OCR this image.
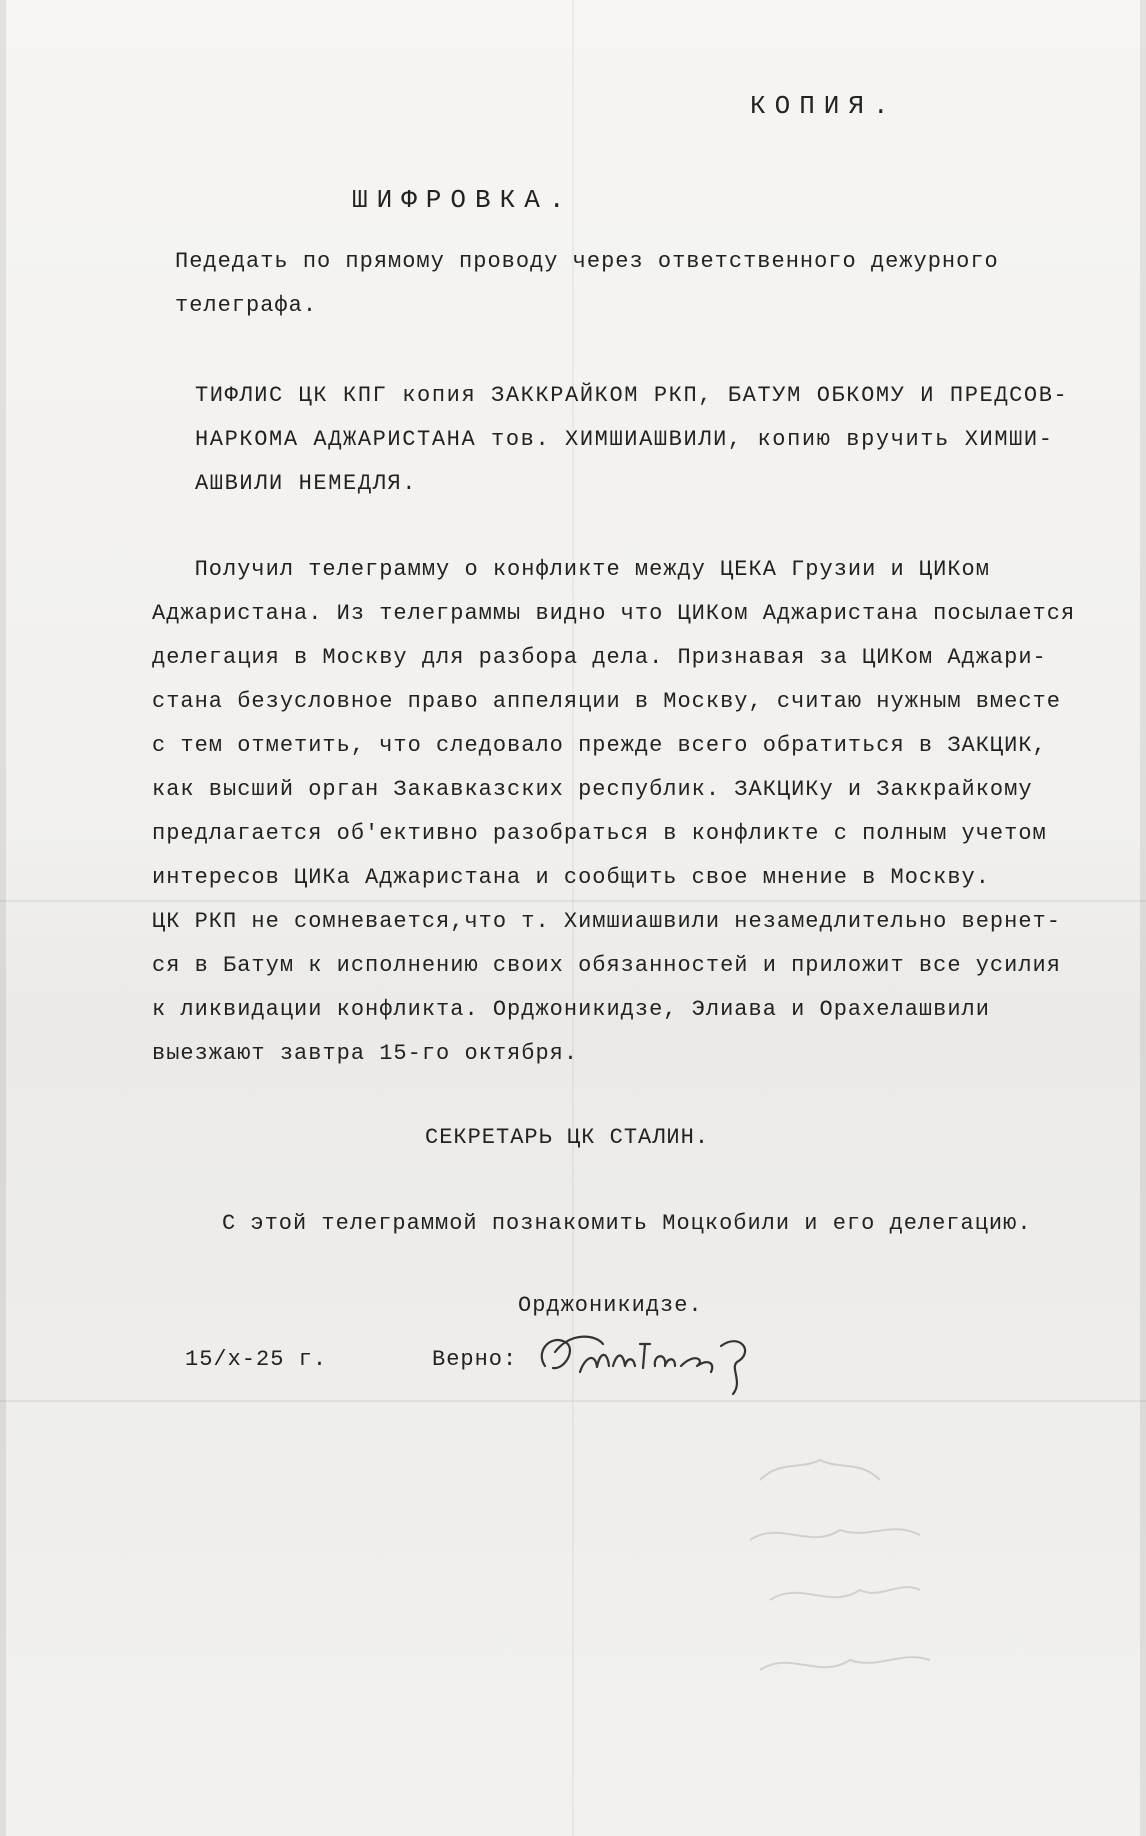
КОПИЯ.
ШИФРОВКА.
Педедать по прямому проводу через ответственного дежурного
телеграфа.
ТИФЛИС ЦК КПГ копия ЗАККРАЙКОМ РКП, БАТУМ ОБКОМУ И ПРЕДСОВ-
НАРКОМА АДЖАРИСТАНА тов. ХИМШИАШВИЛИ, копию вручить ХИМШИ-
АШВИЛИ НЕМЕДЛЯ.
Получил телеграмму о конфликте между ЦЕКА Грузии и ЦИКом
Аджаристана. Из телеграммы видно что ЦИКом Аджаристана посылается
делегация в Москву для разбора дела. Признавая за ЦИКом Аджари-
стана безусловное право аппеляции в Москву, считаю нужным вместе
с тем отметить, что следовало прежде всего обратиться в ЗАКЦИК,
как высший орган Закавказских республик. ЗАКЦИКу и Заккрайкому
предлагается об'ективно разобраться в конфликте с полным учетом
интересов ЦИКа Аджаристана и сообщить свое мнение в Москву.
ЦК РКП не сомневается,что т. Химшиашвили незамедлительно вернет-
ся в Батум к исполнению своих обязанностей и приложит все усилия
к ликвидации конфликта. Орджоникидзе, Элиава и Орахелашвили
выезжают завтра 15-го октября.
СЕКРЕТАРЬ ЦК СТАЛИН.
С этой телеграммой познакомить Моцкобили и его делегацию.
Орджоникидзе.
15/х-25 г.	Верно:
